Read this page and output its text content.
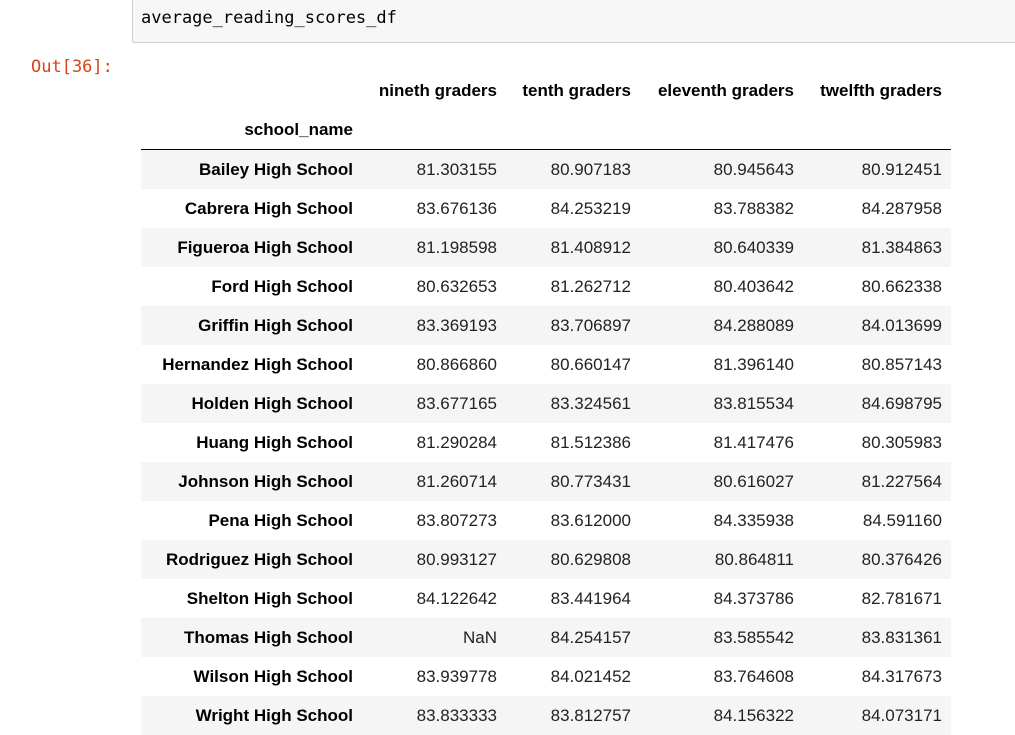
average_reading_scores_df
Out[36]:
	nineth graders	tenth graders	eleventh graders	twelfth graders
school_name				
Bailey High School	81.303155	80.907183	80.945643	80.912451
Cabrera High School	83.676136	84.253219	83.788382	84.287958
Figueroa High School	81.198598	81.408912	80.640339	81.384863
Ford High School	80.632653	81.262712	80.403642	80.662338
Griffin High School	83.369193	83.706897	84.288089	84.013699
Hernandez High School	80.866860	80.660147	81.396140	80.857143
Holden High School	83.677165	83.324561	83.815534	84.698795
Huang High School	81.290284	81.512386	81.417476	80.305983
Johnson High School	81.260714	80.773431	80.616027	81.227564
Pena High School	83.807273	83.612000	84.335938	84.591160
Rodriguez High School	80.993127	80.629808	80.864811	80.376426
Shelton High School	84.122642	83.441964	84.373786	82.781671
Thomas High School	NaN	84.254157	83.585542	83.831361
Wilson High School	83.939778	84.021452	83.764608	84.317673
Wright High School	83.833333	83.812757	84.156322	84.073171
